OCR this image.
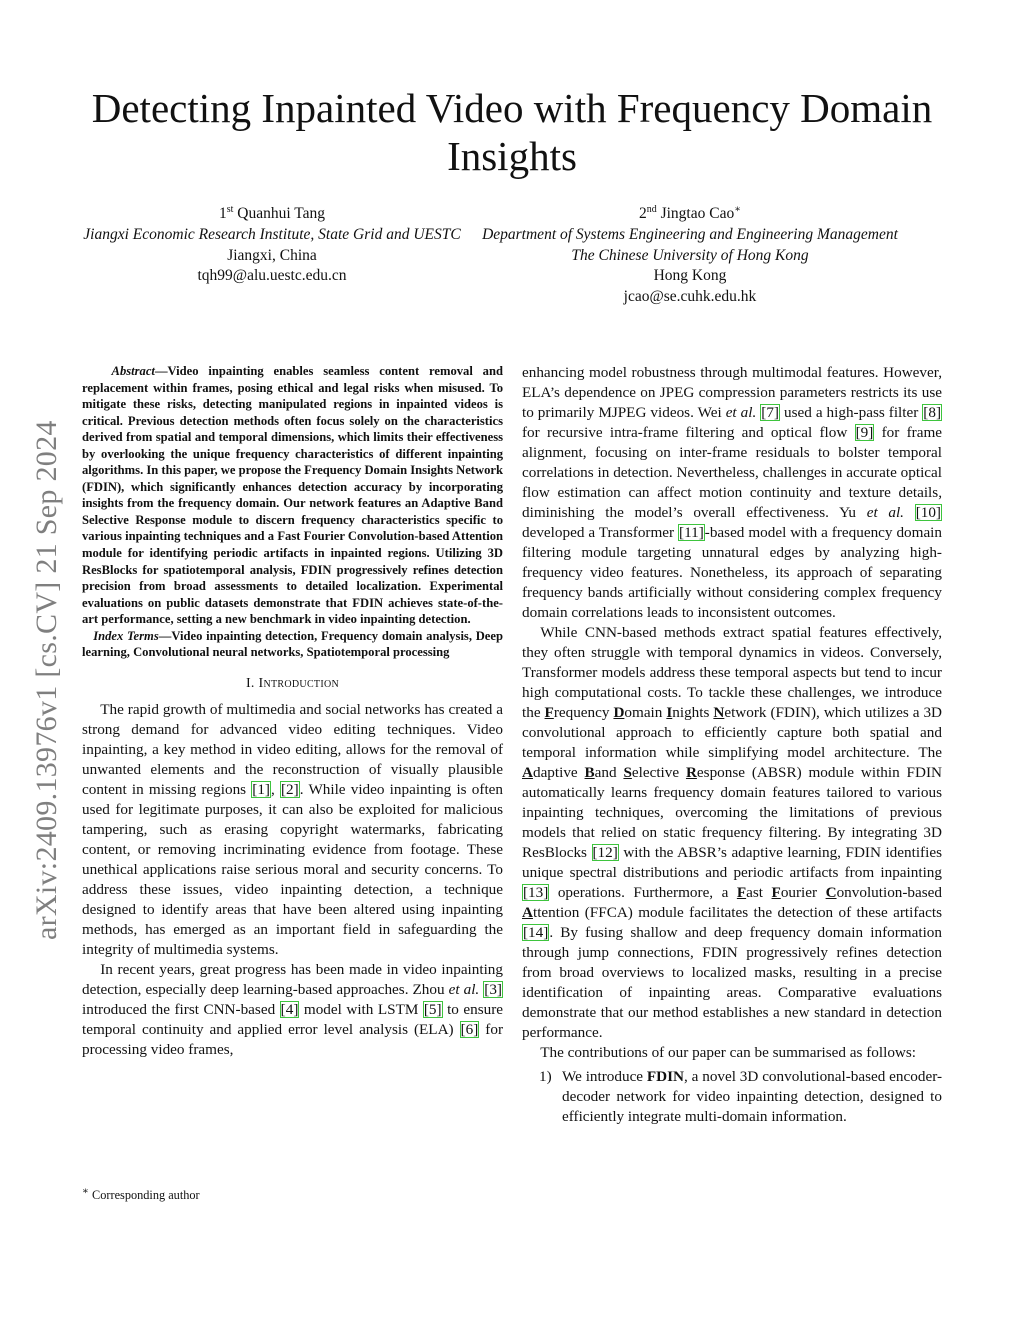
Detecting Inpainted Video with Frequency Domain Insights
1st Quanhui Tang
Jiangxi Economic Research Institute, State Grid and UESTC
Jiangxi, China
tqh99@alu.uestc.edu.cn
2nd Jingtao Cao∗
Department of Systems Engineering and Engineering Management
The Chinese University of Hong Kong
Hong Kong
jcao@se.cuhk.edu.hk
arXiv:2409.13976v1 [cs.CV] 21 Sep 2024
Abstract—Video inpainting enables seamless content removal and replacement within frames, posing ethical and legal risks when misused. To mitigate these risks, detecting manipulated regions in inpainted videos is critical. Previous detection methods often focus solely on the characteristics derived from spatial and temporal dimensions, which limits their effectiveness by overlooking the unique frequency characteristics of different inpainting algorithms. In this paper, we propose the Frequency Domain Insights Network (FDIN), which significantly enhances detection accuracy by incorporating insights from the frequency domain. Our network features an Adaptive Band Selective Response module to discern frequency characteristics specific to various inpainting techniques and a Fast Fourier Convolution-based Attention module for identifying periodic artifacts in inpainted regions. Utilizing 3D ResBlocks for spatiotemporal analysis, FDIN progressively refines detection precision from broad assessments to detailed localization. Experimental evaluations on public datasets demonstrate that FDIN achieves state-of-the-art performance, setting a new benchmark in video inpainting detection.
Index Terms—Video inpainting detection, Frequency domain analysis, Deep learning, Convolutional neural networks, Spatiotemporal processing
I. Introduction

The rapid growth of multimedia and social networks has created a strong demand for advanced video editing techniques. Video inpainting, a key method in video editing, allows for the removal of unwanted elements and the reconstruction of visually plausible content in missing regions [1], [2]. While video inpainting is often used for legitimate purposes, it can also be exploited for malicious tampering, such as erasing copyright watermarks, fabricating content, or removing incriminating evidence from footage. These unethical applications raise serious moral and security concerns. To address these issues, video inpainting detection, a technique designed to identify areas that have been altered using inpainting methods, has emerged as an important field in safeguarding the integrity of multimedia systems.

In recent years, great progress has been made in video inpainting detection, especially deep learning-based approaches. Zhou et al. [3] introduced the first CNN-based [4] model with LSTM [5] to ensure temporal continuity and applied error level analysis (ELA) [6] for processing video frames,

∗ Corresponding author

enhancing model robustness through multimodal features. However, ELA’s dependence on JPEG compression parameters restricts its use to primarily MJPEG videos. Wei et al. [7] used a high-pass filter [8] for recursive intra-frame filtering and optical flow [9] for frame alignment, focusing on inter-frame residuals to bolster temporal correlations in detection. Nevertheless, challenges in accurate optical flow estimation can affect motion continuity and texture details, diminishing the model’s overall effectiveness. Yu et al. [10] developed a Transformer [11]-based model with a frequency domain filtering module targeting unnatural edges by analyzing high-frequency video features. Nonetheless, its approach of separating frequency bands artificially without considering complex frequency domain correlations leads to inconsistent outcomes.

While CNN-based methods extract spatial features effectively, they often struggle with temporal dynamics in videos. Conversely, Transformer models address these temporal aspects but tend to incur high computational costs. To tackle these challenges, we introduce the Frequency Domain Inights Network (FDIN), which utilizes a 3D convolutional approach to efficiently capture both spatial and temporal information while simplifying model architecture. The Adaptive Band Selective Response (ABSR) module within FDIN automatically learns frequency domain features tailored to various inpainting techniques, overcoming the limitations of previous models that relied on static frequency filtering. By integrating 3D ResBlocks [12] with the ABSR’s adaptive learning, FDIN identifies unique spectral distributions and periodic artifacts from inpainting [13] operations. Furthermore, a Fast Fourier Convolution-based Attention (FFCA) module facilitates the detection of these artifacts [14]. By fusing shallow and deep frequency domain information through jump connections, FDIN progressively refines detection from broad overviews to localized masks, resulting in a precise identification of inpainting areas. Comparative evaluations demonstrate that our method establishes a new standard in detection performance.

The contributions of our paper can be summarised as follows:

1) We introduce FDIN, a novel 3D convolutional-based encoder-decoder network for video inpainting detection, designed to efficiently integrate multi-domain information.
